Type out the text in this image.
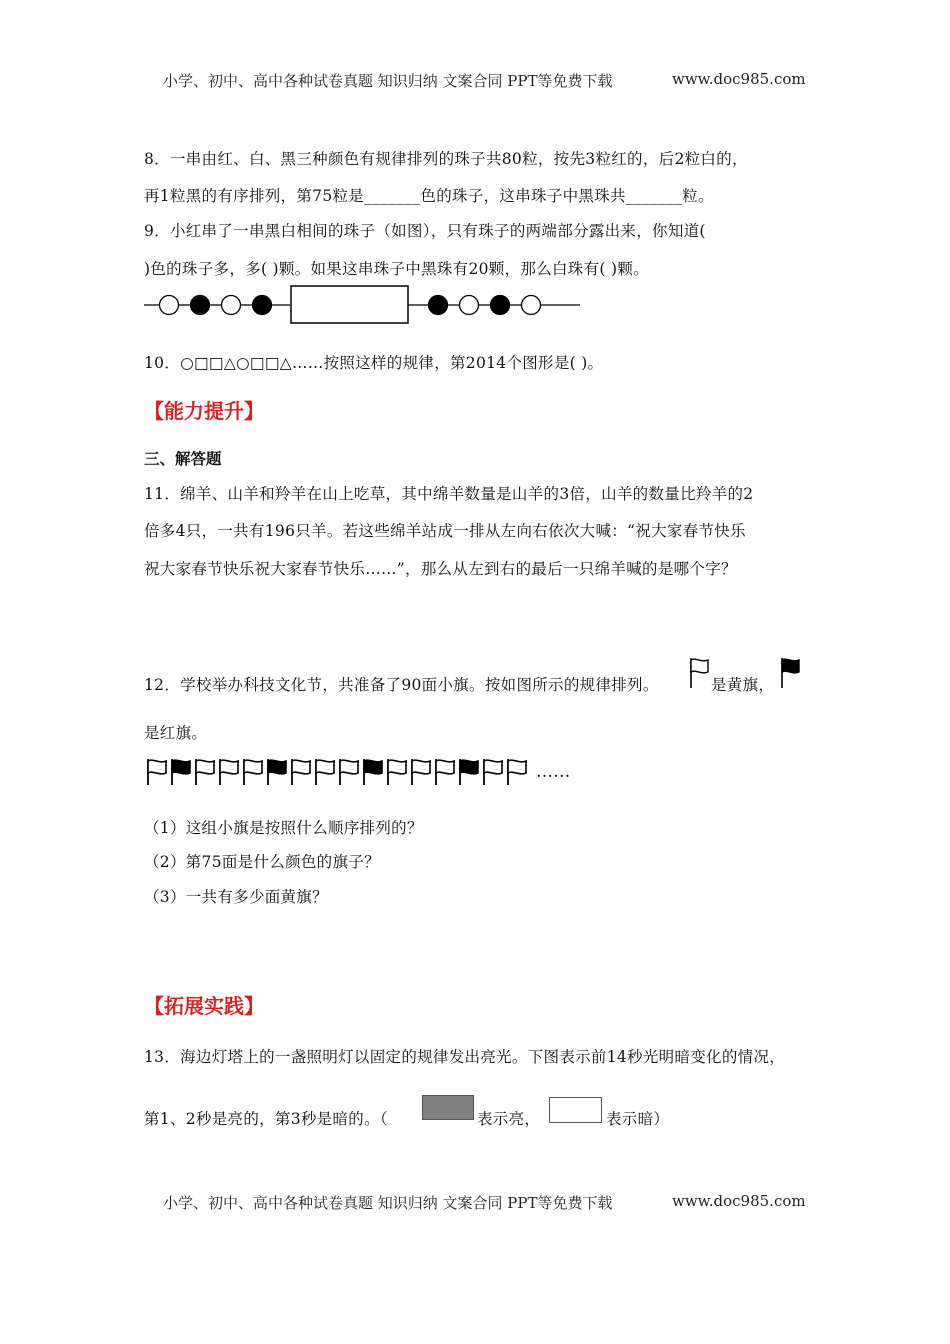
小学、初中、高中各种试卷真题 知识归纳 文案合同 PPT等免费下载	www.doc985.com
8．一串由红、白、黑三种颜色有规律排列的珠子共80粒，按先3粒红的，后2粒白的，
再1粒黑的有序排列，第75粒是_______色的珠子，这串珠子中黑珠共_______粒。
9．小红串了一串黑白相间的珠子（如图），只有珠子的两端部分露出来，你知道(
)色的珠子多，多( )颗。如果这串珠子中黑珠有20颗，那么白珠有( )颗。
10．○□□△○□□△……按照这样的规律，第2014个图形是( )。
【能力提升】
三、解答题
11．绵羊、山羊和羚羊在山上吃草，其中绵羊数量是山羊的3倍，山羊的数量比羚羊的2
倍多4只，一共有196只羊。若这些绵羊站成一排从左向右依次大喊：“祝大家春节快乐
祝大家春节快乐祝大家春节快乐……”，那么从左到右的最后一只绵羊喊的是哪个字？
12．学校举办科技文化节，共准备了90面小旗。按如图所示的规律排列。	是黄旗，
是红旗。
……
（1）这组小旗是按照什么顺序排列的？
（2）第75面是什么颜色的旗子？
（3）一共有多少面黄旗？
【拓展实践】
13．海边灯塔上的一盏照明灯以固定的规律发出亮光。下图表示前14秒光明暗变化的情况，
第1、2秒是亮的，第3秒是暗的。（	表示亮，	表示暗）
小学、初中、高中各种试卷真题 知识归纳 文案合同 PPT等免费下载	www.doc985.com
